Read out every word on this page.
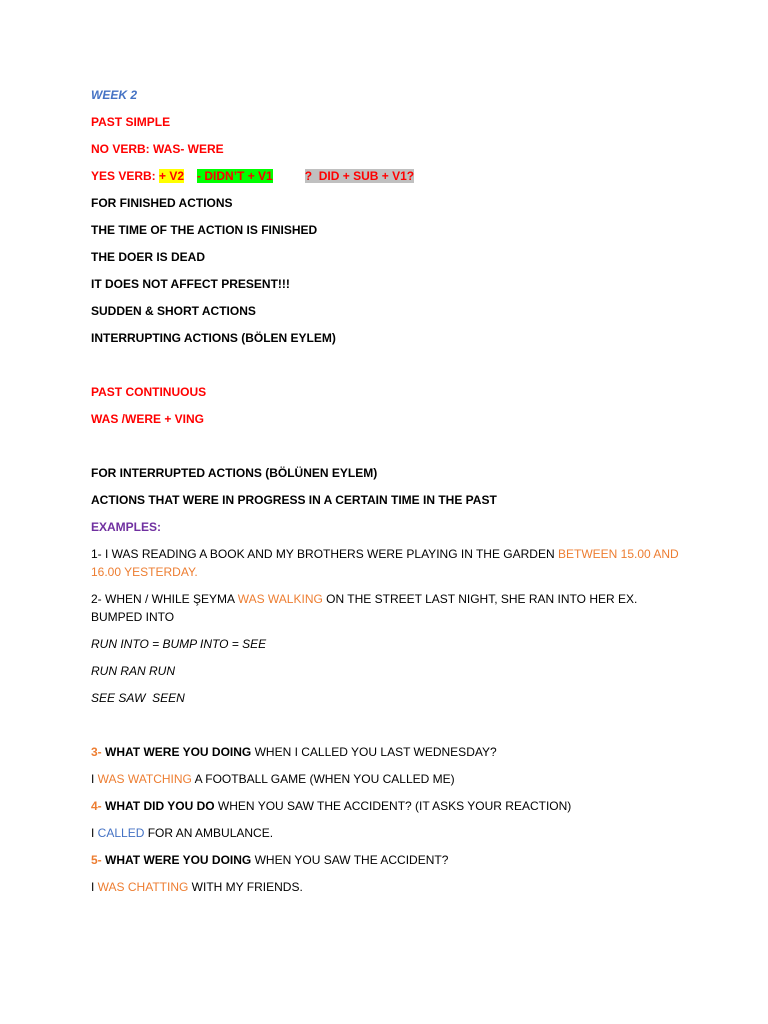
WEEK 2

PAST SIMPLE

NO VERB: WAS- WERE

YES VERB: + V2 - DIDN’T + V1	?  DID + SUB + V1?

FOR FINISHED ACTIONS

THE TIME OF THE ACTION IS FINISHED

THE DOER IS DEAD

IT DOES NOT AFFECT PRESENT!!!

SUDDEN & SHORT ACTIONS

INTERRUPTING ACTIONS (BÖLEN EYLEM)

PAST CONTINUOUS

WAS /WERE + VING

FOR INTERRUPTED ACTIONS (BÖLÜNEN EYLEM)

ACTIONS THAT WERE IN PROGRESS IN A CERTAIN TIME IN THE PAST

EXAMPLES:

1- I WAS READING A BOOK AND MY BROTHERS WERE PLAYING IN THE GARDEN BETWEEN 15.00 AND 16.00 YESTERDAY.

2- WHEN / WHILE ŞEYMA WAS WALKING ON THE STREET LAST NIGHT, SHE RAN INTO HER EX. BUMPED INTO

RUN INTO = BUMP INTO = SEE

RUN RAN RUN

SEE SAW  SEEN

3- WHAT WERE YOU DOING WHEN I CALLED YOU LAST WEDNESDAY?

I WAS WATCHING A FOOTBALL GAME (WHEN YOU CALLED ME)

4- WHAT DID YOU DO WHEN YOU SAW THE ACCIDENT? (IT ASKS YOUR REACTION)

I CALLED FOR AN AMBULANCE.

5- WHAT WERE YOU DOING WHEN YOU SAW THE ACCIDENT?

I WAS CHATTING WITH MY FRIENDS.
